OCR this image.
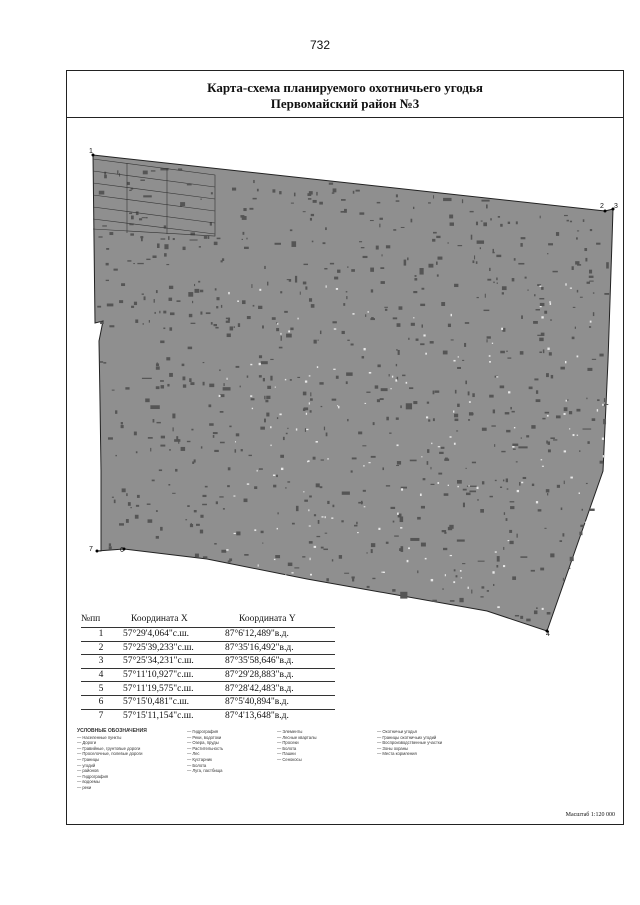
732
Карта-схема планируемого охотничьего угодья
Первомайский район №3
1
2 3
4
7	6
№пп	Координата X	Координата Y
1	57°29'4,064"с.ш.	87°6'12,489"в.д.
2	57°25'39,233"с.ш.	87°35'16,492"в.д.
3	57°25'34,231"с.ш.	87°35'58,646"в.д.
4	57°11'10,927"с.ш.	87°29'28,883"в.д.
5	57°11'19,575"с.ш.	87°28'42,483"в.д.
6	57°15'0,481"с.ш.	87°5'40,894"в.д.
7	57°15'11,154"с.ш.	87°4'13,648"в.д.
УСЛОВНЫЕ ОБОЗНАЧЕНИЯ
— Населенные пункты
— Дороги
— Гравийные, грунтовые дороги
— Проселочные, полевые дороги
— Границы
— угодий
— районов
— Гидрография
— водоемы
— реки
— Гидрография
— Реки, водотоки
— Озера, пруды
— Растительность
— Лес
— Кустарник
— Болота
— Луга, пастбища
— Элементы
— Лесные кварталы
— Просеки
— Болота
— Пашни
— Сенокосы
— Охотничьи угодья
— Границы охотничьих угодий
— Воспроизводственные участки
— Зоны охраны
— Места кормления
Масштаб 1:120 000
